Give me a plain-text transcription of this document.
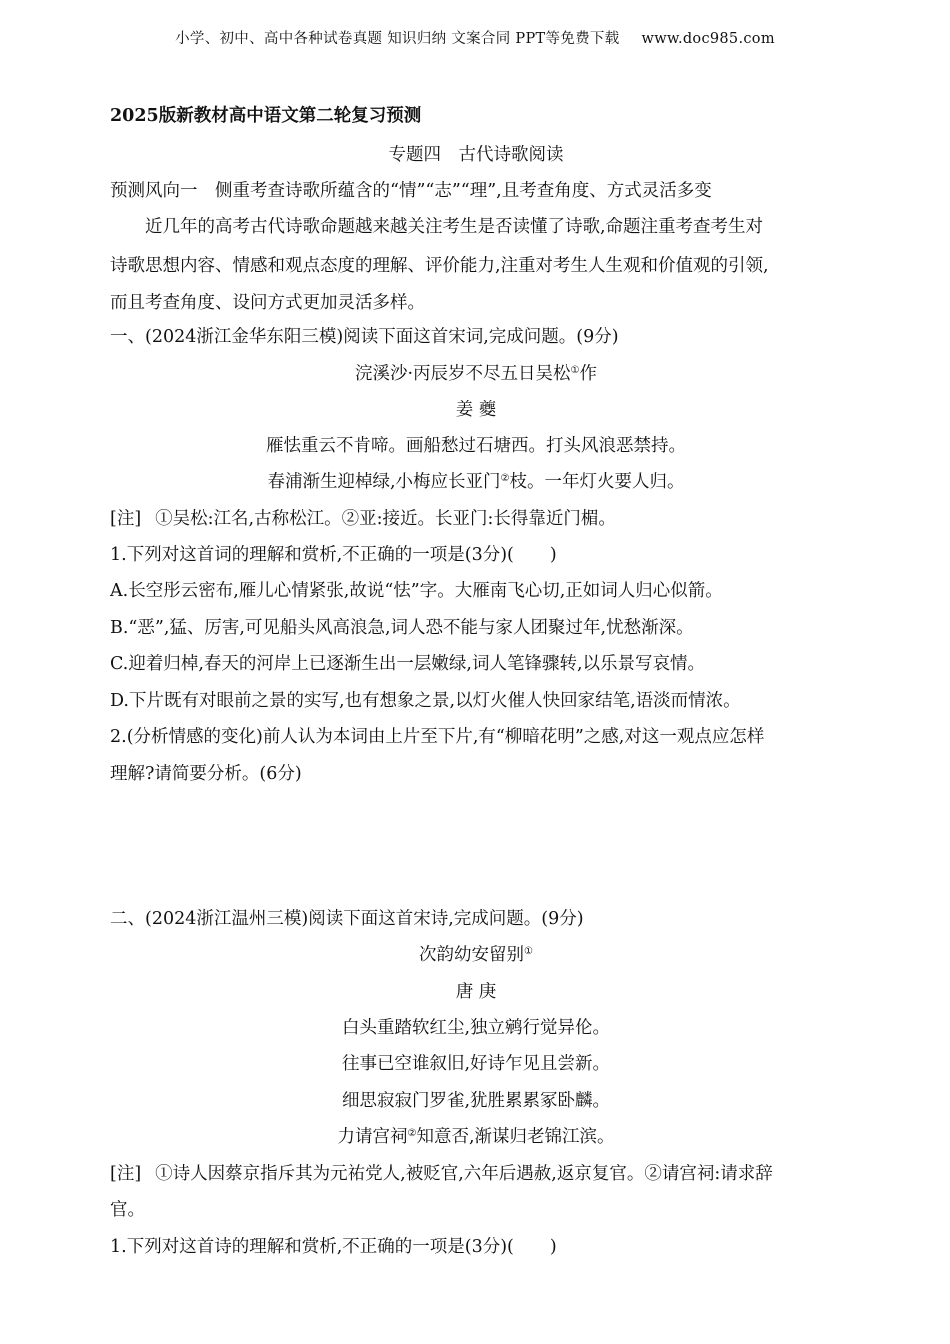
小学、初中、高中各种试卷真题 知识归纳 文案合同 PPT等免费下载 www.doc985.com
2025版新教材高中语文第二轮复习预测
专题四　古代诗歌阅读
预测风向一　侧重考查诗歌所蕴含的“情”“志”“理”,且考查角度、方式灵活多变
近几年的高考古代诗歌命题越来越关注考生是否读懂了诗歌,命题注重考查考生对
诗歌思想内容、情感和观点态度的理解、评价能力,注重对考生人生观和价值观的引领,
而且考查角度、设问方式更加灵活多样。
一、(2024浙江金华东阳三模)阅读下面这首宋词,完成问题。(9分)
浣溪沙·丙辰岁不尽五日吴松①作
姜 夔
雁怯重云不肯啼。画船愁过石塘西。打头风浪恶禁持。
春浦渐生迎棹绿,小梅应长亚门②枝。一年灯火要人归。
[注] ①吴松:江名,古称松江。②亚:接近。长亚门:长得靠近门楣。
1.下列对这首词的理解和赏析,不正确的一项是(3分)( )
A.长空彤云密布,雁儿心情紧张,故说“怯”字。大雁南飞心切,正如词人归心似箭。
B.“恶”,猛、厉害,可见船头风高浪急,词人恐不能与家人团聚过年,忧愁渐深。
C.迎着归棹,春天的河岸上已逐渐生出一层嫩绿,词人笔锋骤转,以乐景写哀情。
D.下片既有对眼前之景的实写,也有想象之景,以灯火催人快回家结笔,语淡而情浓。
2.(分析情感的变化)前人认为本词由上片至下片,有“柳暗花明”之感,对这一观点应怎样
理解?请简要分析。(6分)
二、(2024浙江温州三模)阅读下面这首宋诗,完成问题。(9分)
次韵幼安留别①
唐 庚
白头重踏软红尘,独立鹓行觉异伦。
往事已空谁叙旧,好诗乍见且尝新。
细思寂寂门罗雀,犹胜累累冢卧麟。
力请宫祠②知意否,渐谋归老锦江滨。
[注] ①诗人因蔡京指斥其为元祐党人,被贬官,六年后遇赦,返京复官。②请宫祠:请求辞
官。
1.下列对这首诗的理解和赏析,不正确的一项是(3分)( )
